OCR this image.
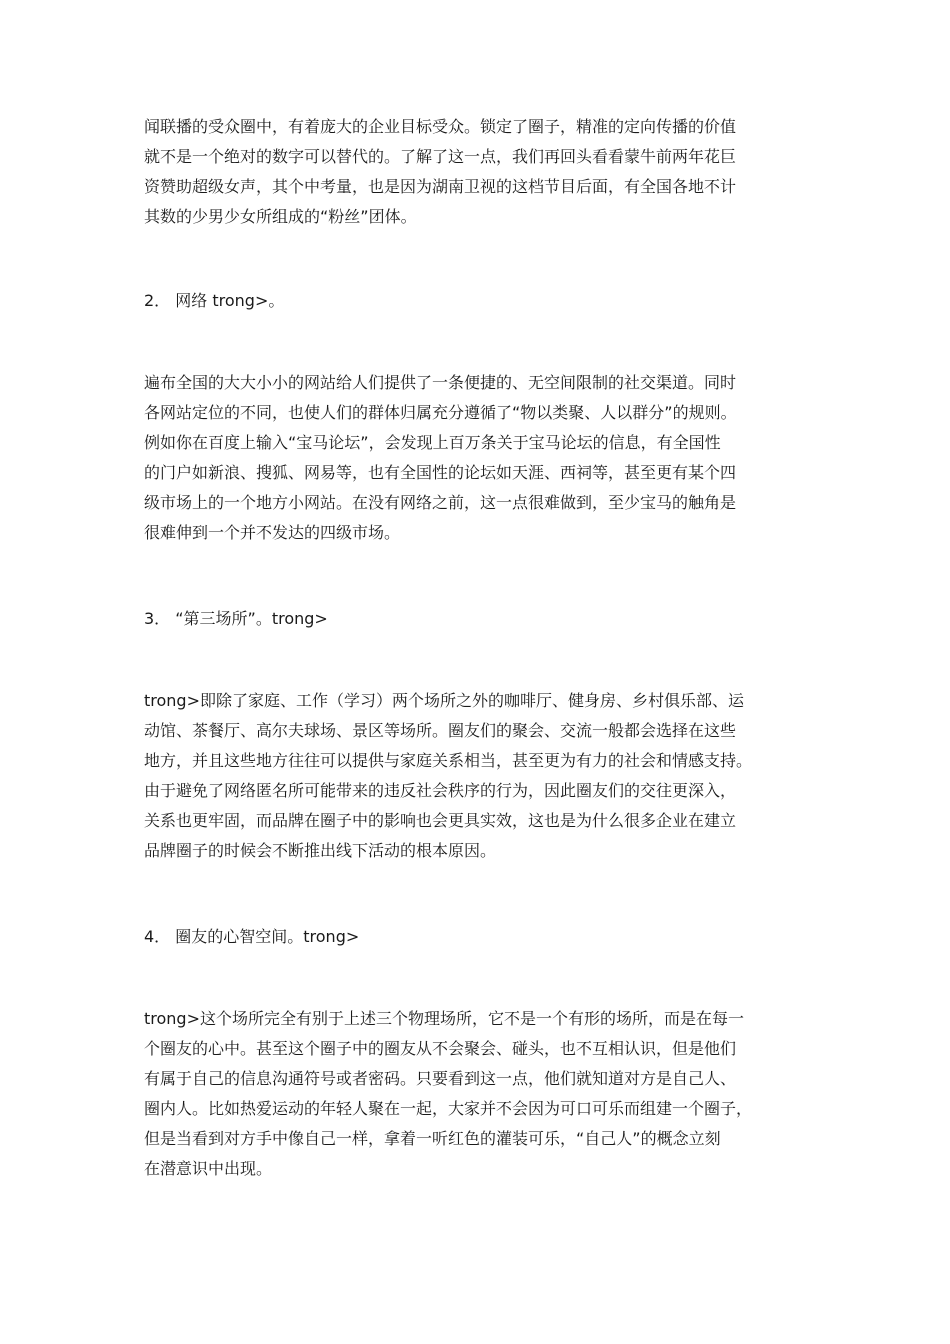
闻联播的受众圈中，有着庞大的企业目标受众。锁定了圈子，精准的定向传播的价值
就不是一个绝对的数字可以替代的。了解了这一点，我们再回头看看蒙牛前两年花巨
资赞助超级女声，其个中考量，也是因为湖南卫视的这档节目后面，有全国各地不计
其数的少男少女所组成的“粉丝”团体。
2． 网络 trong>。
遍布全国的大大小小的网站给人们提供了一条便捷的、无空间限制的社交渠道。同时
各网站定位的不同，也使人们的群体归属充分遵循了“物以类聚、人以群分”的规则。
例如你在百度上输入“宝马论坛”，会发现上百万条关于宝马论坛的信息，有全国性
的门户如新浪、搜狐、网易等，也有全国性的论坛如天涯、西祠等，甚至更有某个四
级市场上的一个地方小网站。在没有网络之前，这一点很难做到，至少宝马的触角是
很难伸到一个并不发达的四级市场。
3． “第三场所”。trong>
trong>即除了家庭、工作（学习）两个场所之外的咖啡厅、健身房、乡村俱乐部、运
动馆、茶餐厅、高尔夫球场、景区等场所。圈友们的聚会、交流一般都会选择在这些
地方，并且这些地方往往可以提供与家庭关系相当，甚至更为有力的社会和情感支持。
由于避免了网络匿名所可能带来的违反社会秩序的行为，因此圈友们的交往更深入，
关系也更牢固，而品牌在圈子中的影响也会更具实效，这也是为什么很多企业在建立
品牌圈子的时候会不断推出线下活动的根本原因。
4． 圈友的心智空间。trong>
trong>这个场所完全有别于上述三个物理场所，它不是一个有形的场所，而是在每一
个圈友的心中。甚至这个圈子中的圈友从不会聚会、碰头，也不互相认识，但是他们
有属于自己的信息沟通符号或者密码。只要看到这一点，他们就知道对方是自己人、
圈内人。比如热爱运动的年轻人聚在一起，大家并不会因为可口可乐而组建一个圈子，
但是当看到对方手中像自己一样，拿着一听红色的灌装可乐，“自己人”的概念立刻
在潜意识中出现。
